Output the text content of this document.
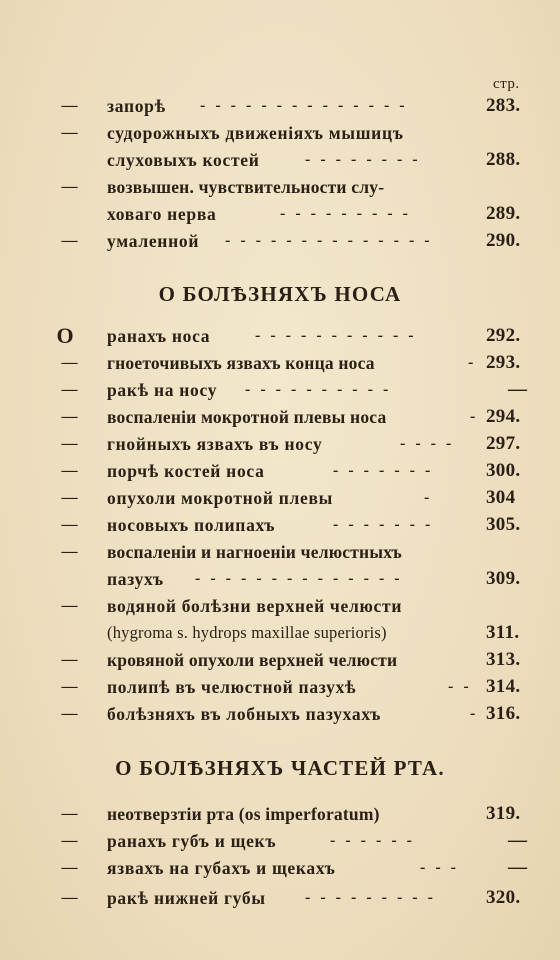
стр.
— запорѣ	- - - - - - - - - - - - - -	283.
— судорожныхъ движеніяхъ мышицъ
слуховыхъ костей	- - - - - - - -	288.
— возвышен. чувствительности слу-
ховаго нерва	- - - - - - - - -	289.
— умаленной	- - - - - - - - - - - - - -	290.
О БОЛѢЗНЯХЪ НОСА
О ранахъ носа	- - - - - - - - - - -	292.
— гноеточивыхъ язвахъ конца носа	- 293.
— ракѣ на носу	- - - - - - - - - -	—
— воспаленіи мокротной плевы носа	- 294.
— гнойныхъ язвахъ въ носу	- - - - 297.
— порчѣ костей носа	- - - - - - -	300.
— опухоли мокротной плевы	-	304
— носовыхъ полипахъ	- - - - - - -	305.
— воспаленіи и нагноеніи челюстныхъ
пазухъ	- - - - - - - - - - - - - -	309.
— водяной болѣзни верхней челюсти
(hygroma s. hydrops maxillae superioris)	311.
— кровяной опухоли верхней челюсти	313.
— полипѣ въ челюстной пазухѣ	- - 314.
— болѣзняхъ въ лобныхъ пазухахъ	- 316.
О БОЛѢЗНЯХЪ ЧАСТЕЙ РТА.
— неотверзтіи рта (os imperforatum)	319.
— ранахъ губъ и щекъ	- - - - - -	—
— язвахъ на губахъ и щекахъ	- - -	—
— ракѣ нижней губы	- - - - - - - - -	320.
